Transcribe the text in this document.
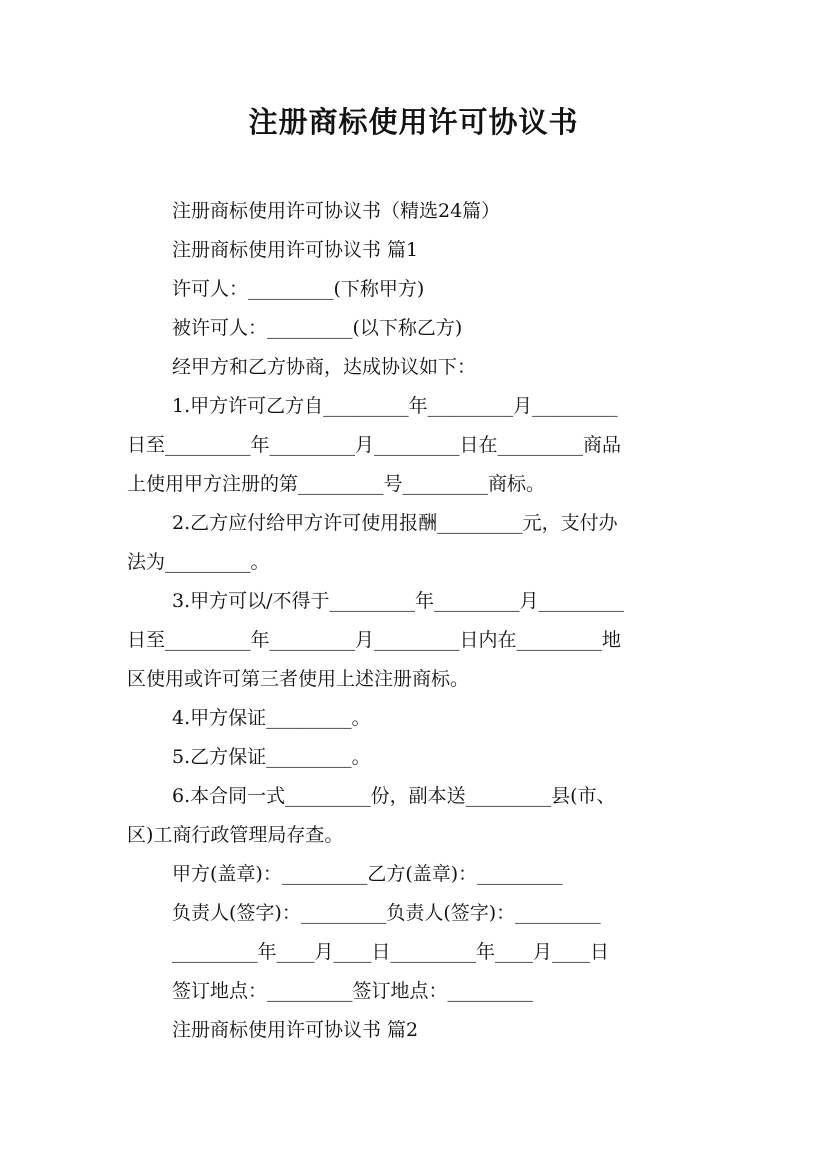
注册商标使用许可协议书

注册商标使用许可协议书（精选24篇）

注册商标使用许可协议书 篇1

许可人：_________(下称甲方)

被许可人：_________(以下称乙方)

经甲方和乙方协商，达成协议如下：

1.甲方许可乙方自_________年_________月_________

日至_________年_________月_________日在_________商品

上使用甲方注册的第_________号_________商标。

2.乙方应付给甲方许可使用报酬_________元，支付办

法为_________。

3.甲方可以/不得于_________年_________月_________

日至_________年_________月_________日内在_________地

区使用或许可第三者使用上述注册商标。

4.甲方保证_________。

5.乙方保证_________。

6.本合同一式_________份，副本送_________县(市、

区)工商行政管理局存查。

甲方(盖章)：_________乙方(盖章)：_________

负责人(签字)：_________负责人(签字)：_________

_________年____月____日_________年____月____日

签订地点：_________签订地点：_________

注册商标使用许可协议书 篇2
